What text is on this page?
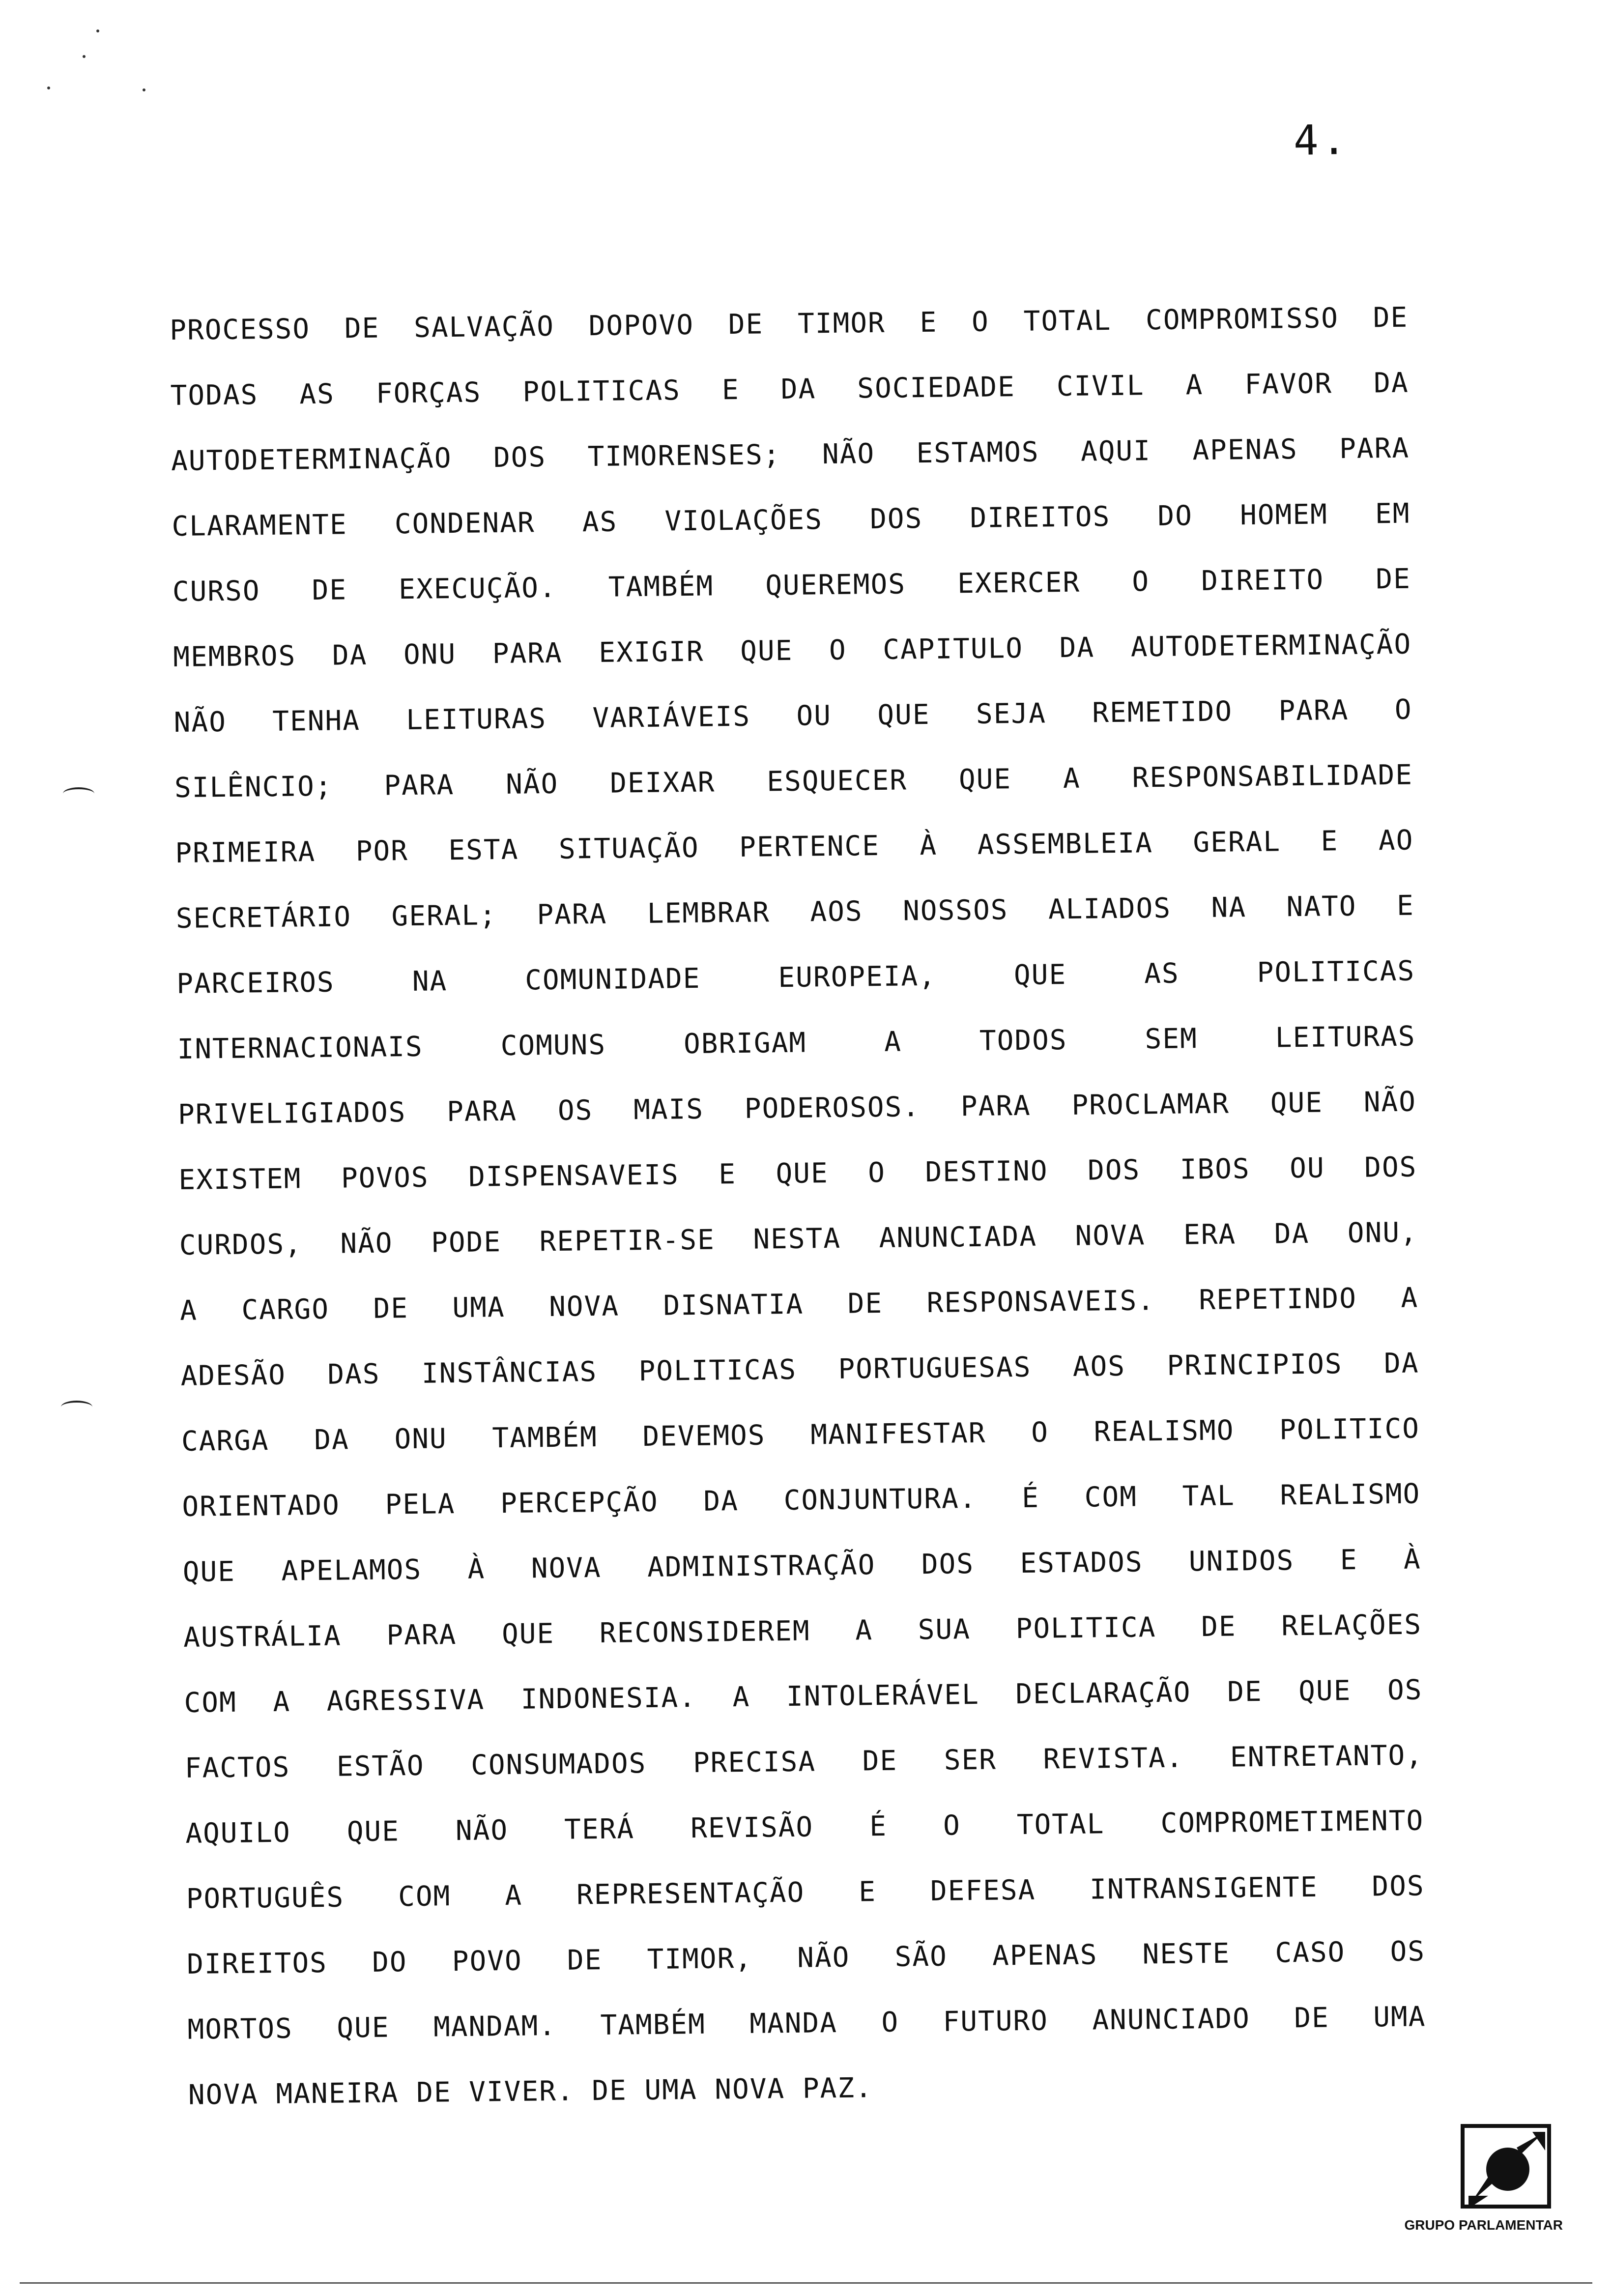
4.
PROCESSO DE SALVAÇÃO DOPOVO DE TIMOR E O TOTAL COMPROMISSO DE
TODAS AS FORÇAS POLITICAS E DA SOCIEDADE CIVIL A FAVOR DA
AUTODETERMINAÇÃO DOS TIMORENSES; NÃO ESTAMOS AQUI APENAS PARA
CLARAMENTE CONDENAR AS VIOLAÇÕES DOS DIREITOS DO HOMEM EM
CURSO DE EXECUÇÃO. TAMBÉM QUEREMOS EXERCER O DIREITO DE
MEMBROS DA ONU PARA EXIGIR QUE O CAPITULO DA AUTODETERMINAÇÃO
NÃO TENHA LEITURAS VARIÁVEIS OU QUE SEJA REMETIDO PARA O
SILÊNCIO; PARA NÃO DEIXAR ESQUECER QUE A RESPONSABILIDADE
PRIMEIRA POR ESTA SITUAÇÃO PERTENCE À ASSEMBLEIA GERAL E AO
SECRETÁRIO GERAL; PARA LEMBRAR AOS NOSSOS ALIADOS NA NATO E
PARCEIROS NA COMUNIDADE EUROPEIA, QUE AS POLITICAS
INTERNACIONAIS COMUNS OBRIGAM A TODOS SEM LEITURAS
PRIVELIGIADOS PARA OS MAIS PODEROSOS. PARA PROCLAMAR QUE NÃO
EXISTEM POVOS DISPENSAVEIS E QUE O DESTINO DOS IBOS OU DOS
CURDOS, NÃO PODE REPETIR-SE NESTA ANUNCIADA NOVA ERA DA ONU,
A CARGO DE UMA NOVA DISNATIA DE RESPONSAVEIS. REPETINDO A
ADESÃO DAS INSTÂNCIAS POLITICAS PORTUGUESAS AOS PRINCIPIOS DA
CARGA DA ONU TAMBÉM DEVEMOS MANIFESTAR O REALISMO POLITICO
ORIENTADO PELA PERCEPÇÃO DA CONJUNTURA. É COM TAL REALISMO
QUE APELAMOS À NOVA ADMINISTRAÇÃO DOS ESTADOS UNIDOS E À
AUSTRÁLIA PARA QUE RECONSIDEREM A SUA POLITICA DE RELAÇÕES
COM A AGRESSIVA INDONESIA. A INTOLERÁVEL DECLARAÇÃO DE QUE OS
FACTOS ESTÃO CONSUMADOS PRECISA DE SER REVISTA. ENTRETANTO,
AQUILO QUE NÃO TERÁ REVISÃO É O TOTAL COMPROMETIMENTO
PORTUGUÊS COM A REPRESENTAÇÃO E DEFESA INTRANSIGENTE DOS
DIREITOS DO POVO DE TIMOR, NÃO SÃO APENAS NESTE CASO OS
MORTOS QUE MANDAM. TAMBÉM MANDA O FUTURO ANUNCIADO DE UMA
NOVA MANEIRA DE VIVER. DE UMA NOVA PAZ.
GRUPO PARLAMENTAR
